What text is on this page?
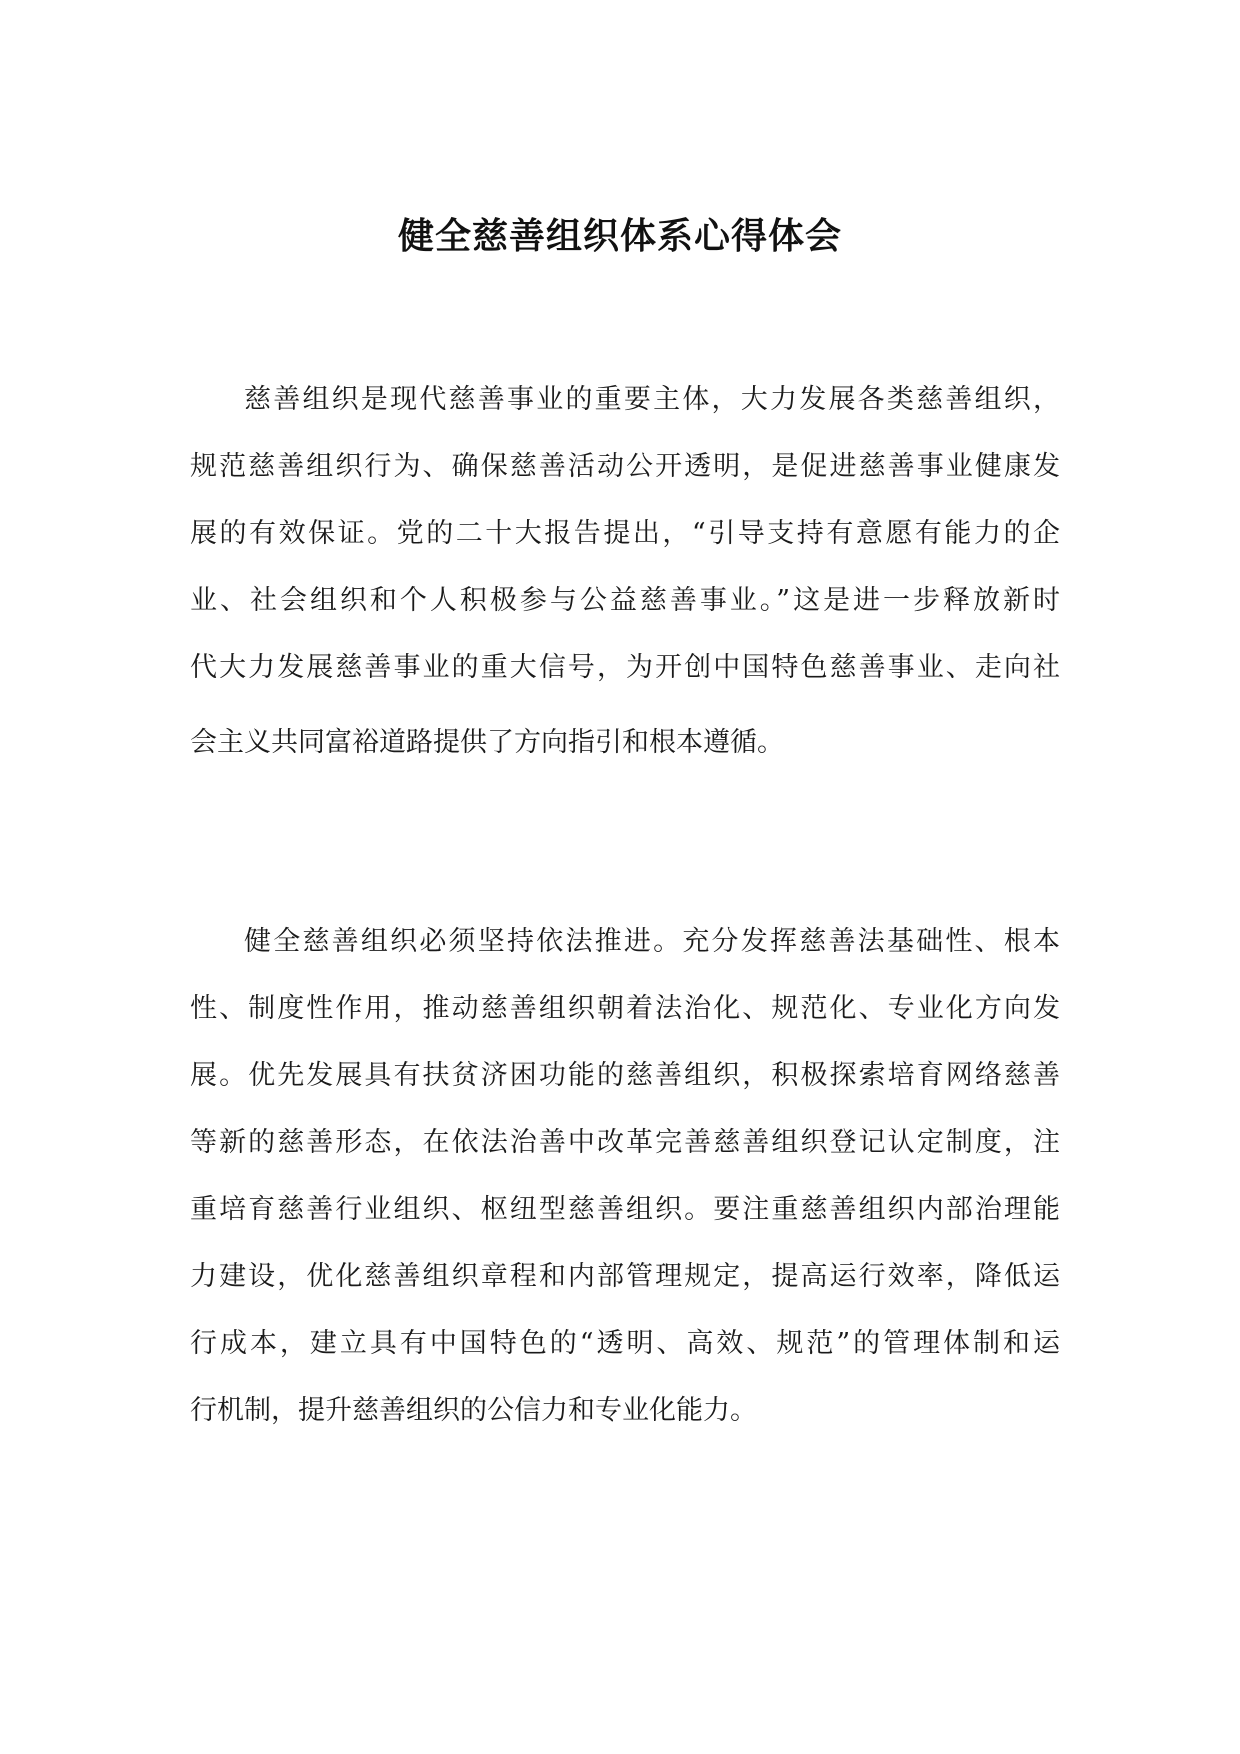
健全慈善组织体系心得体会
慈善组织是现代慈善事业的重要主体，大力发展各类慈善组织，
规范慈善组织行为、确保慈善活动公开透明，是促进慈善事业健康发
展的有效保证。党的二十大报告提出，“引导支持有意愿有能力的企
业、社会组织和个人积极参与公益慈善事业。”这是进一步释放新时
代大力发展慈善事业的重大信号，为开创中国特色慈善事业、走向社
会主义共同富裕道路提供了方向指引和根本遵循。
健全慈善组织必须坚持依法推进。充分发挥慈善法基础性、根本
性、制度性作用，推动慈善组织朝着法治化、规范化、专业化方向发
展。优先发展具有扶贫济困功能的慈善组织，积极探索培育网络慈善
等新的慈善形态，在依法治善中改革完善慈善组织登记认定制度，注
重培育慈善行业组织、枢纽型慈善组织。要注重慈善组织内部治理能
力建设，优化慈善组织章程和内部管理规定，提高运行效率，降低运
行成本，建立具有中国特色的“透明、高效、规范”的管理体制和运
行机制，提升慈善组织的公信力和专业化能力。
